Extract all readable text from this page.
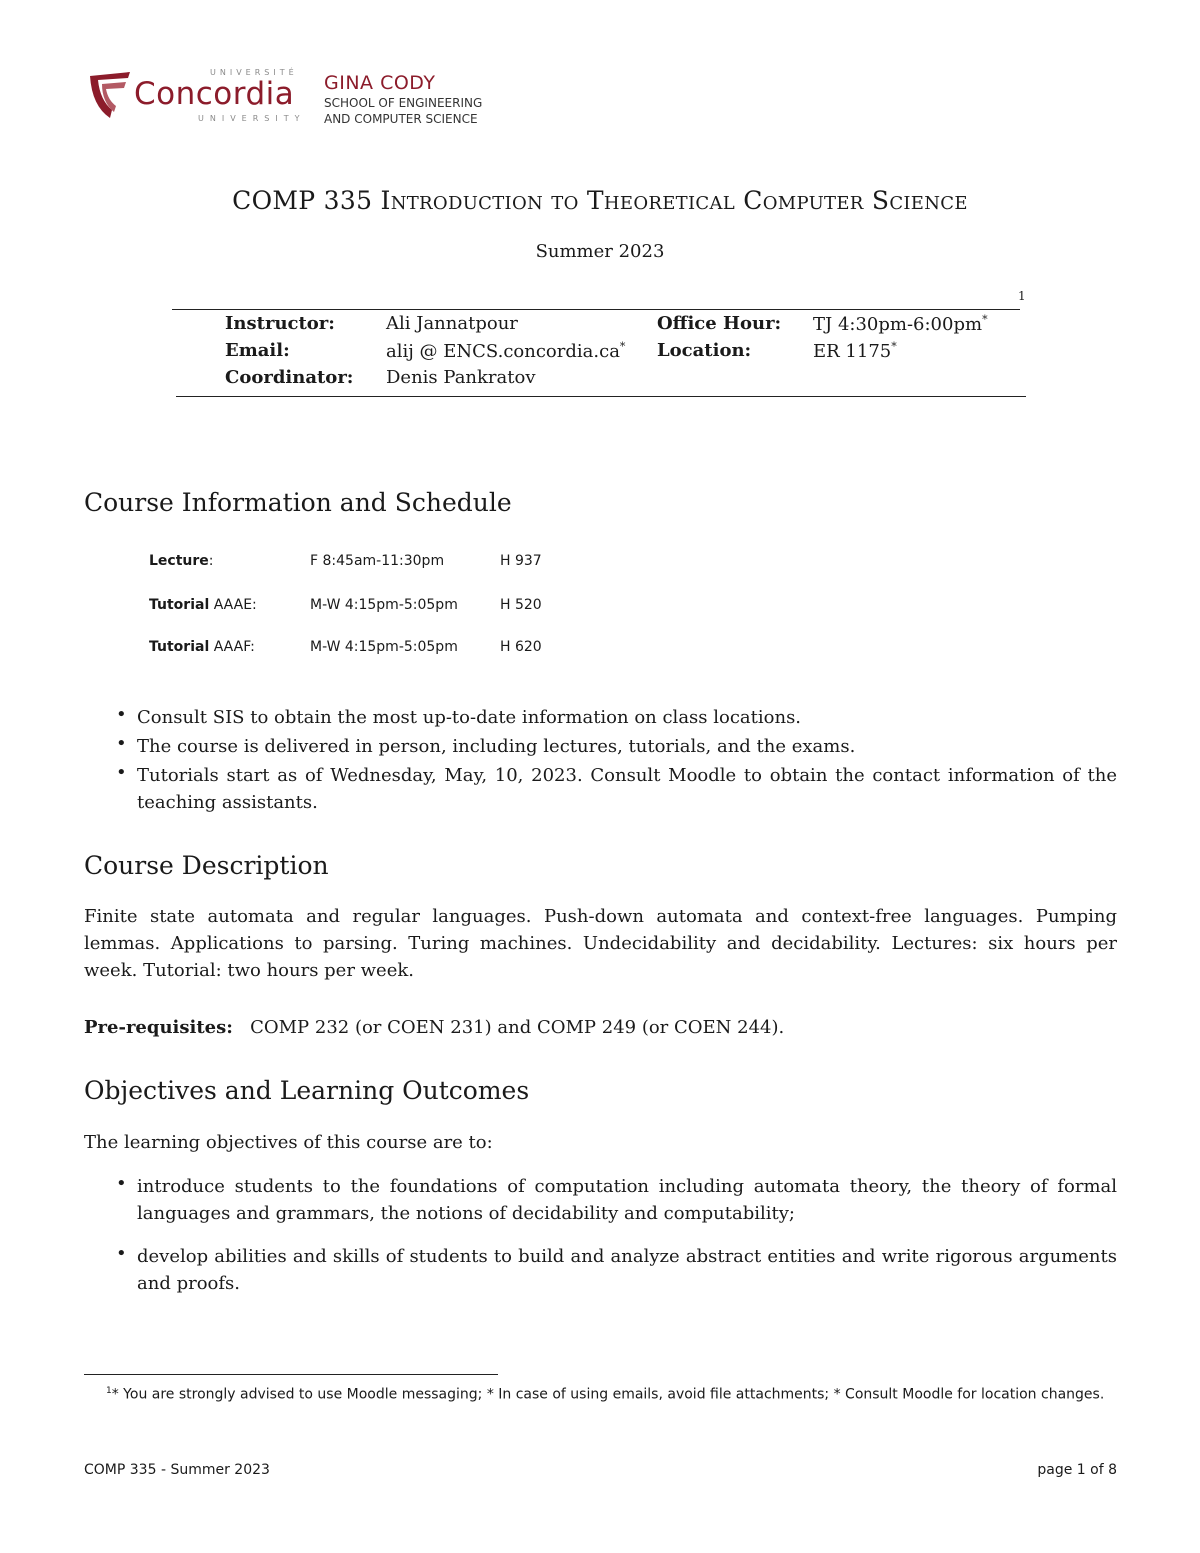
UNIVERSITÉ
Concordia
UNIVERSITY
GINA CODY
SCHOOL OF ENGINEERING
AND COMPUTER SCIENCE
COMP 335 Introduction to Theoretical Computer Science
Summer 2023
1
Instructor:	Ali Jannatpour	Office Hour: TJ 4:30pm-6:00pm*
Email:	alij @ ENCS.concordia.ca* Location:	ER 1175*
Coordinator: Denis Pankratov
Course Information and Schedule
Lecture:	F 8:45am-11:30pm	H 937
Tutorial AAAE:	M-W 4:15pm-5:05pm	H 520
Tutorial AAAF:	M-W 4:15pm-5:05pm	H 620
• Consult SIS to obtain the most up-to-date information on class locations.
• The course is delivered in person, including lectures, tutorials, and the exams.
• Tutorials start as of Wednesday, May, 10, 2023. Consult Moodle to obtain the contact information of the teaching assistants.
Course Description
Finite state automata and regular languages. Push-down automata and context-free languages. Pumping lemmas. Applications to parsing. Turing machines. Undecidability and decidability. Lectures: six hours per week. Tutorial: two hours per week.
Pre-requisites: COMP 232 (or COEN 231) and COMP 249 (or COEN 244).
Objectives and Learning Outcomes
The learning objectives of this course are to:
• introduce students to the foundations of computation including automata theory, the theory of formal languages and grammars, the notions of decidability and computability;
• develop abilities and skills of students to build and analyze abstract entities and write rigorous arguments and proofs.
$^1$* You are strongly advised to use Moodle messaging; * In case of using emails, avoid file attachments; * Consult Moodle for location changes.
COMP 335 - Summer 2023	page 1 of 8
